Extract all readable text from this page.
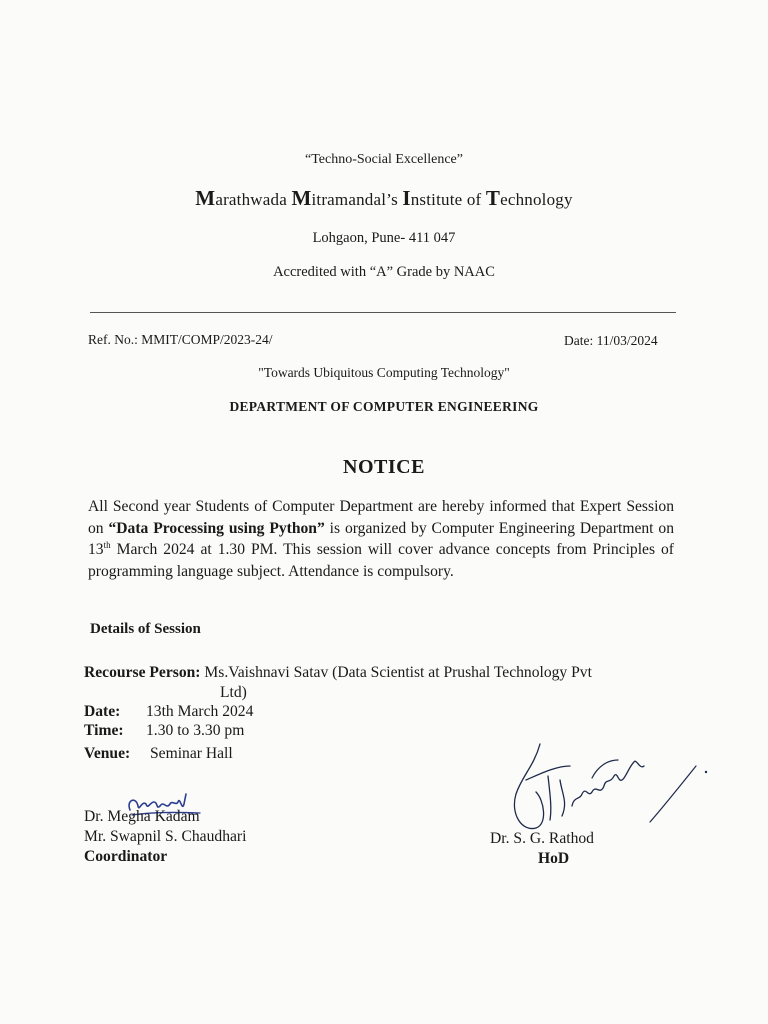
“Techno-Social Excellence”
Marathwada Mitramandal’s Institute of Technology
Lohgaon, Pune- 411 047
Accredited with “A” Grade by NAAC
Ref. No.: MMIT/COMP/2023-24/	Date: 11/03/2024
"Towards Ubiquitous Computing Technology"
DEPARTMENT OF COMPUTER ENGINEERING
NOTICE
All Second year Students of Computer Department are hereby informed that Expert Session on “Data Processing using Python” is organized by Computer Engineering Department on 13th March 2024 at 1.30 PM. This session will cover advance concepts from Principles of programming language subject. Attendance is compulsory.
Details of Session
Recourse Person: Ms.Vaishnavi Satav (Data Scientist at Prushal Technology Pvt
Ltd)
Date: 13th March 2024
Time: 1.30 to 3.30 pm
Venue: Seminar Hall
Dr. Megha Kadam
Mr. Swapnil S. Chaudhari
Coordinator
Dr. S. G. Rathod
HoD
